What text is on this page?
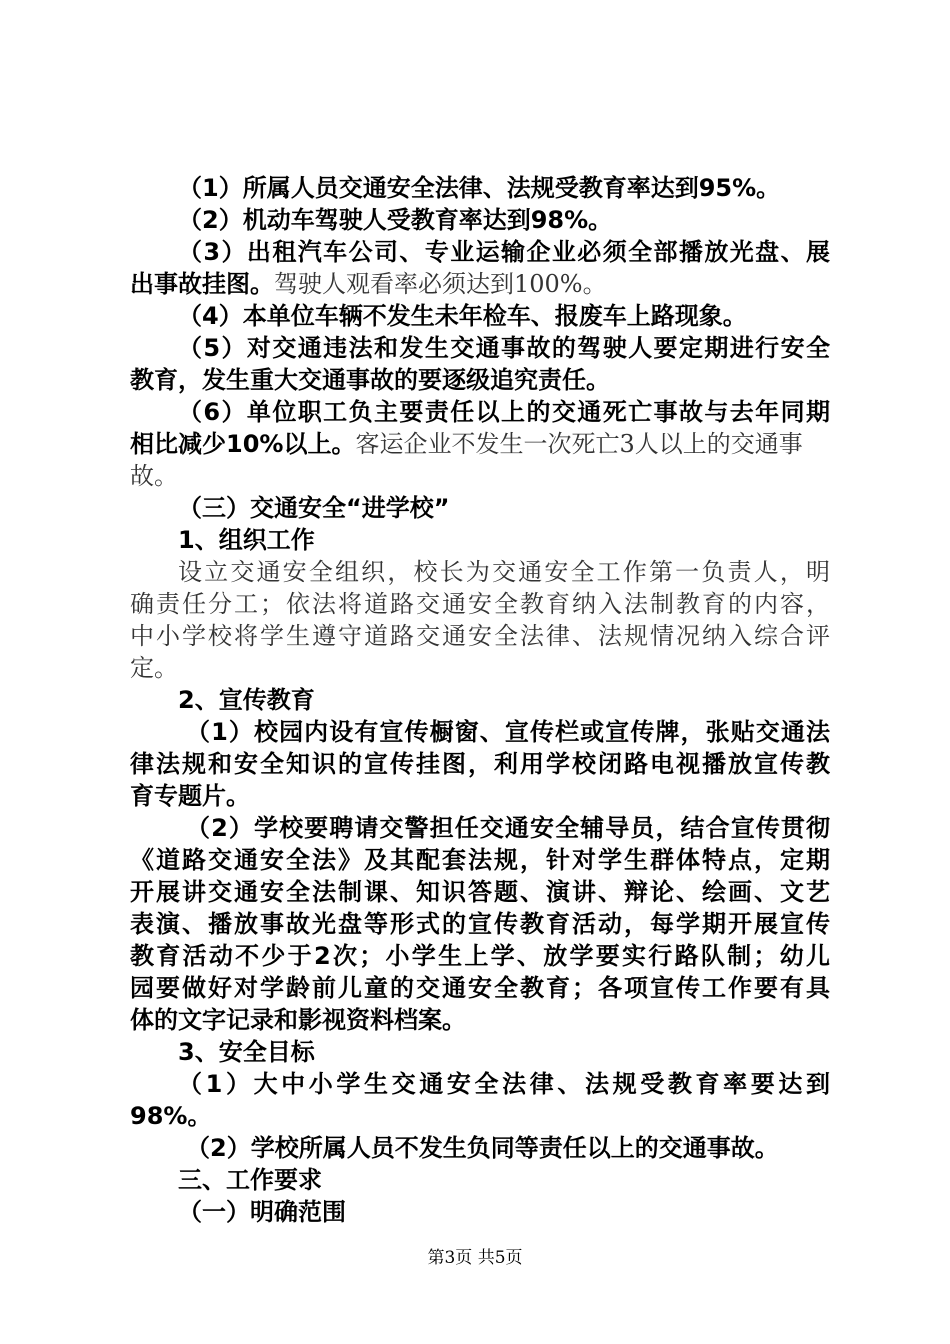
（1）所属人员交通安全法律、法规受教育率达到95%。
（2）机动车驾驶人受教育率达到98%。
（3）出租汽车公司、专业运输企业必须全部播放光盘、展
出事故挂图。驾驶人观看率必须达到100%。
（4）本单位车辆不发生未年检车、报废车上路现象。
（5）对交通违法和发生交通事故的驾驶人要定期进行安全
教育，发生重大交通事故的要逐级追究责任。
（6）单位职工负主要责任以上的交通死亡事故与去年同期
相比减少10%以上。客运企业不发生一次死亡3人以上的交通事
故。
（三）交通安全“进学校”
1、组织工作
设立交通安全组织，校长为交通安全工作第一负责人，明
确责任分工；依法将道路交通安全教育纳入法制教育的内容，
中小学校将学生遵守道路交通安全法律、法规情况纳入综合评
定。
2、宣传教育
（1）校园内设有宣传橱窗、宣传栏或宣传牌，张贴交通法
律法规和安全知识的宣传挂图，利用学校闭路电视播放宣传教
育专题片。
（2）学校要聘请交警担任交通安全辅导员，结合宣传贯彻
《道路交通安全法》及其配套法规，针对学生群体特点，定期
开展讲交通安全法制课、知识答题、演讲、辩论、绘画、文艺
表演、播放事故光盘等形式的宣传教育活动，每学期开展宣传
教育活动不少于2次；小学生上学、放学要实行路队制；幼儿
园要做好对学龄前儿童的交通安全教育；各项宣传工作要有具
体的文字记录和影视资料档案。
3、安全目标
（1）大中小学生交通安全法律、法规受教育率要达到
98%。
（2）学校所属人员不发生负同等责任以上的交通事故。
三、工作要求
（一）明确范围
第3页 共5页
